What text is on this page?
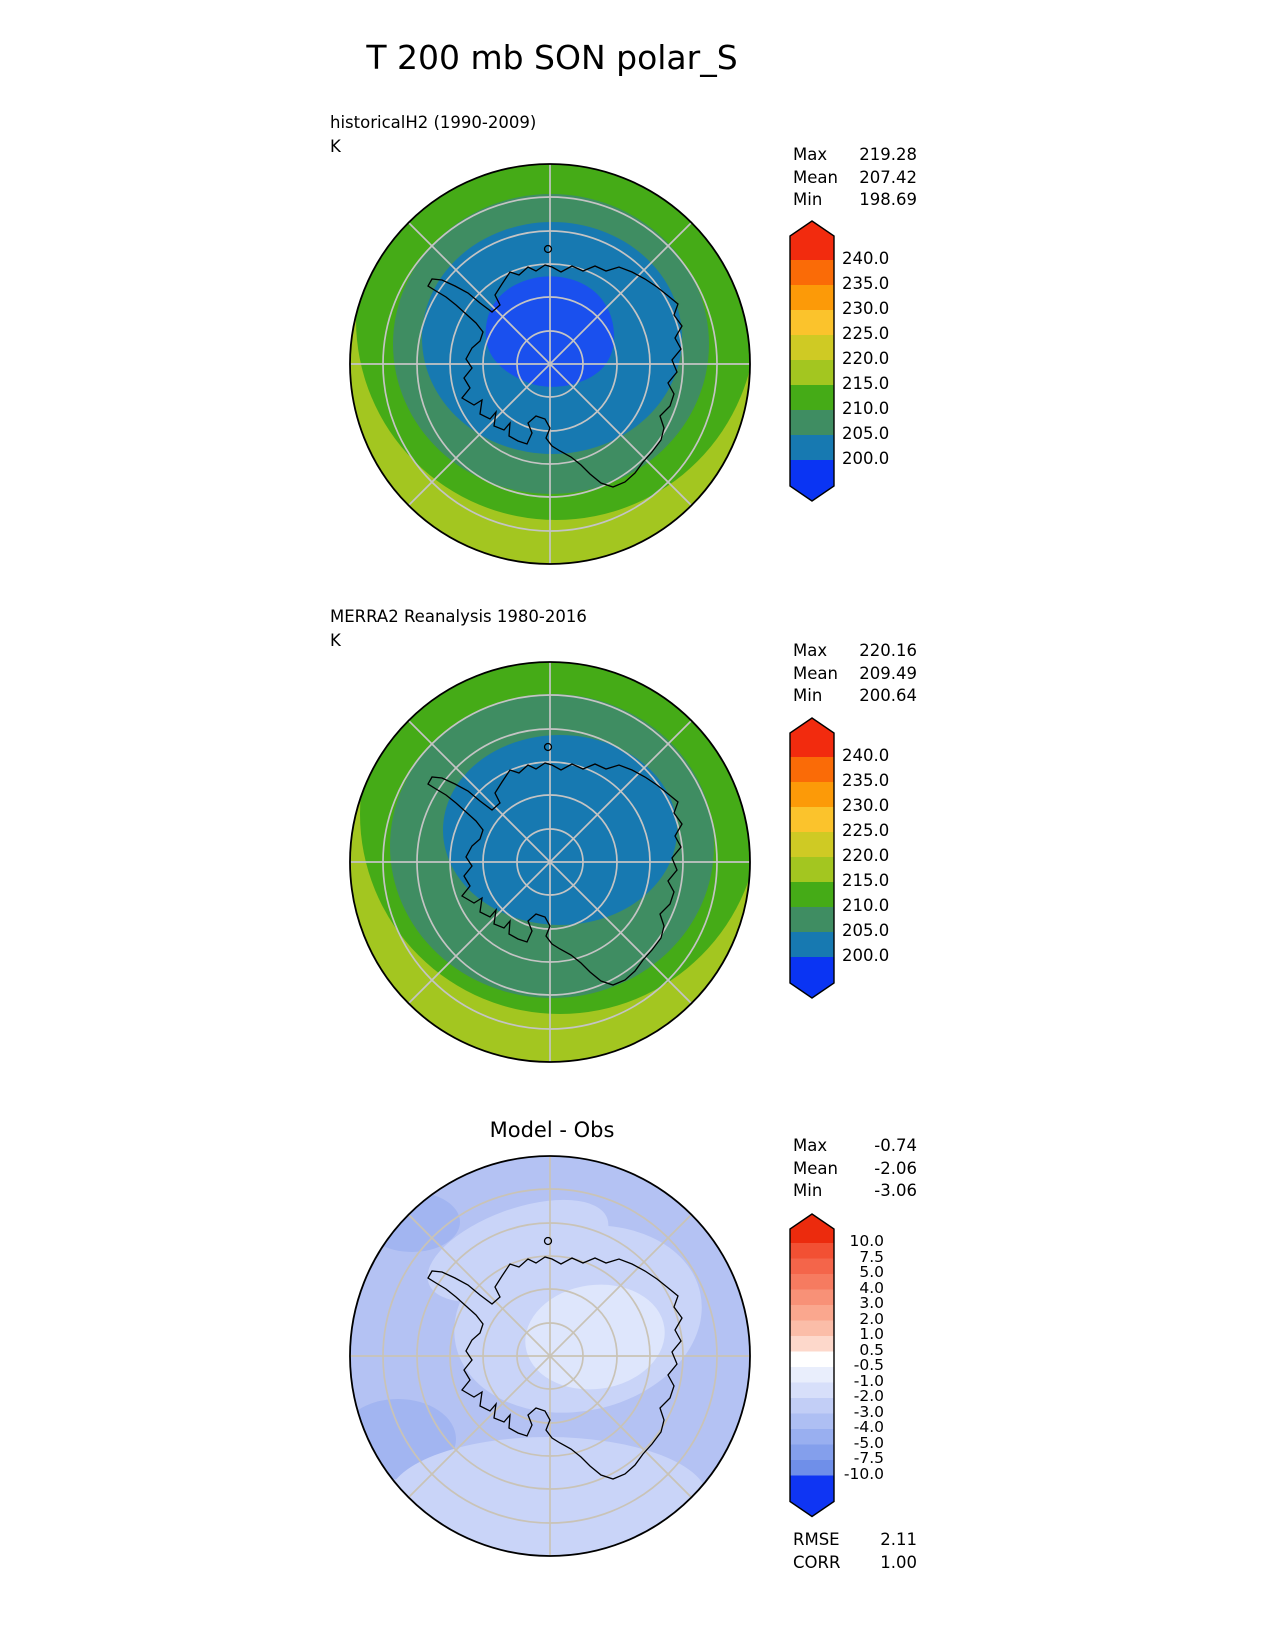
T 200 mb SON polar_S
historicalH2 (1990-2009)
K	Max 219.28
Mean 207.42
Min 198.69
240.0
235.0
230.0
225.0
220.0
215.0
210.0
205.0
200.0
MERRA2 Reanalysis 1980-2016
K
Max 220.16
Mean 209.49
Min 200.64
240.0
235.0
230.0
225.0
220.0
215.0
210.0
205.0
200.0
Model - Obs
Max	-0.74
Mean -2.06
Min	-3.06
10.0
7.5
5.0
4.0
3.0
2.0
1.0
0.5
-0.5
-1.0
-2.0
-3.0
-4.0
-5.0
-7.5
-10.0
RMSE 2.11
CORR 1.00
